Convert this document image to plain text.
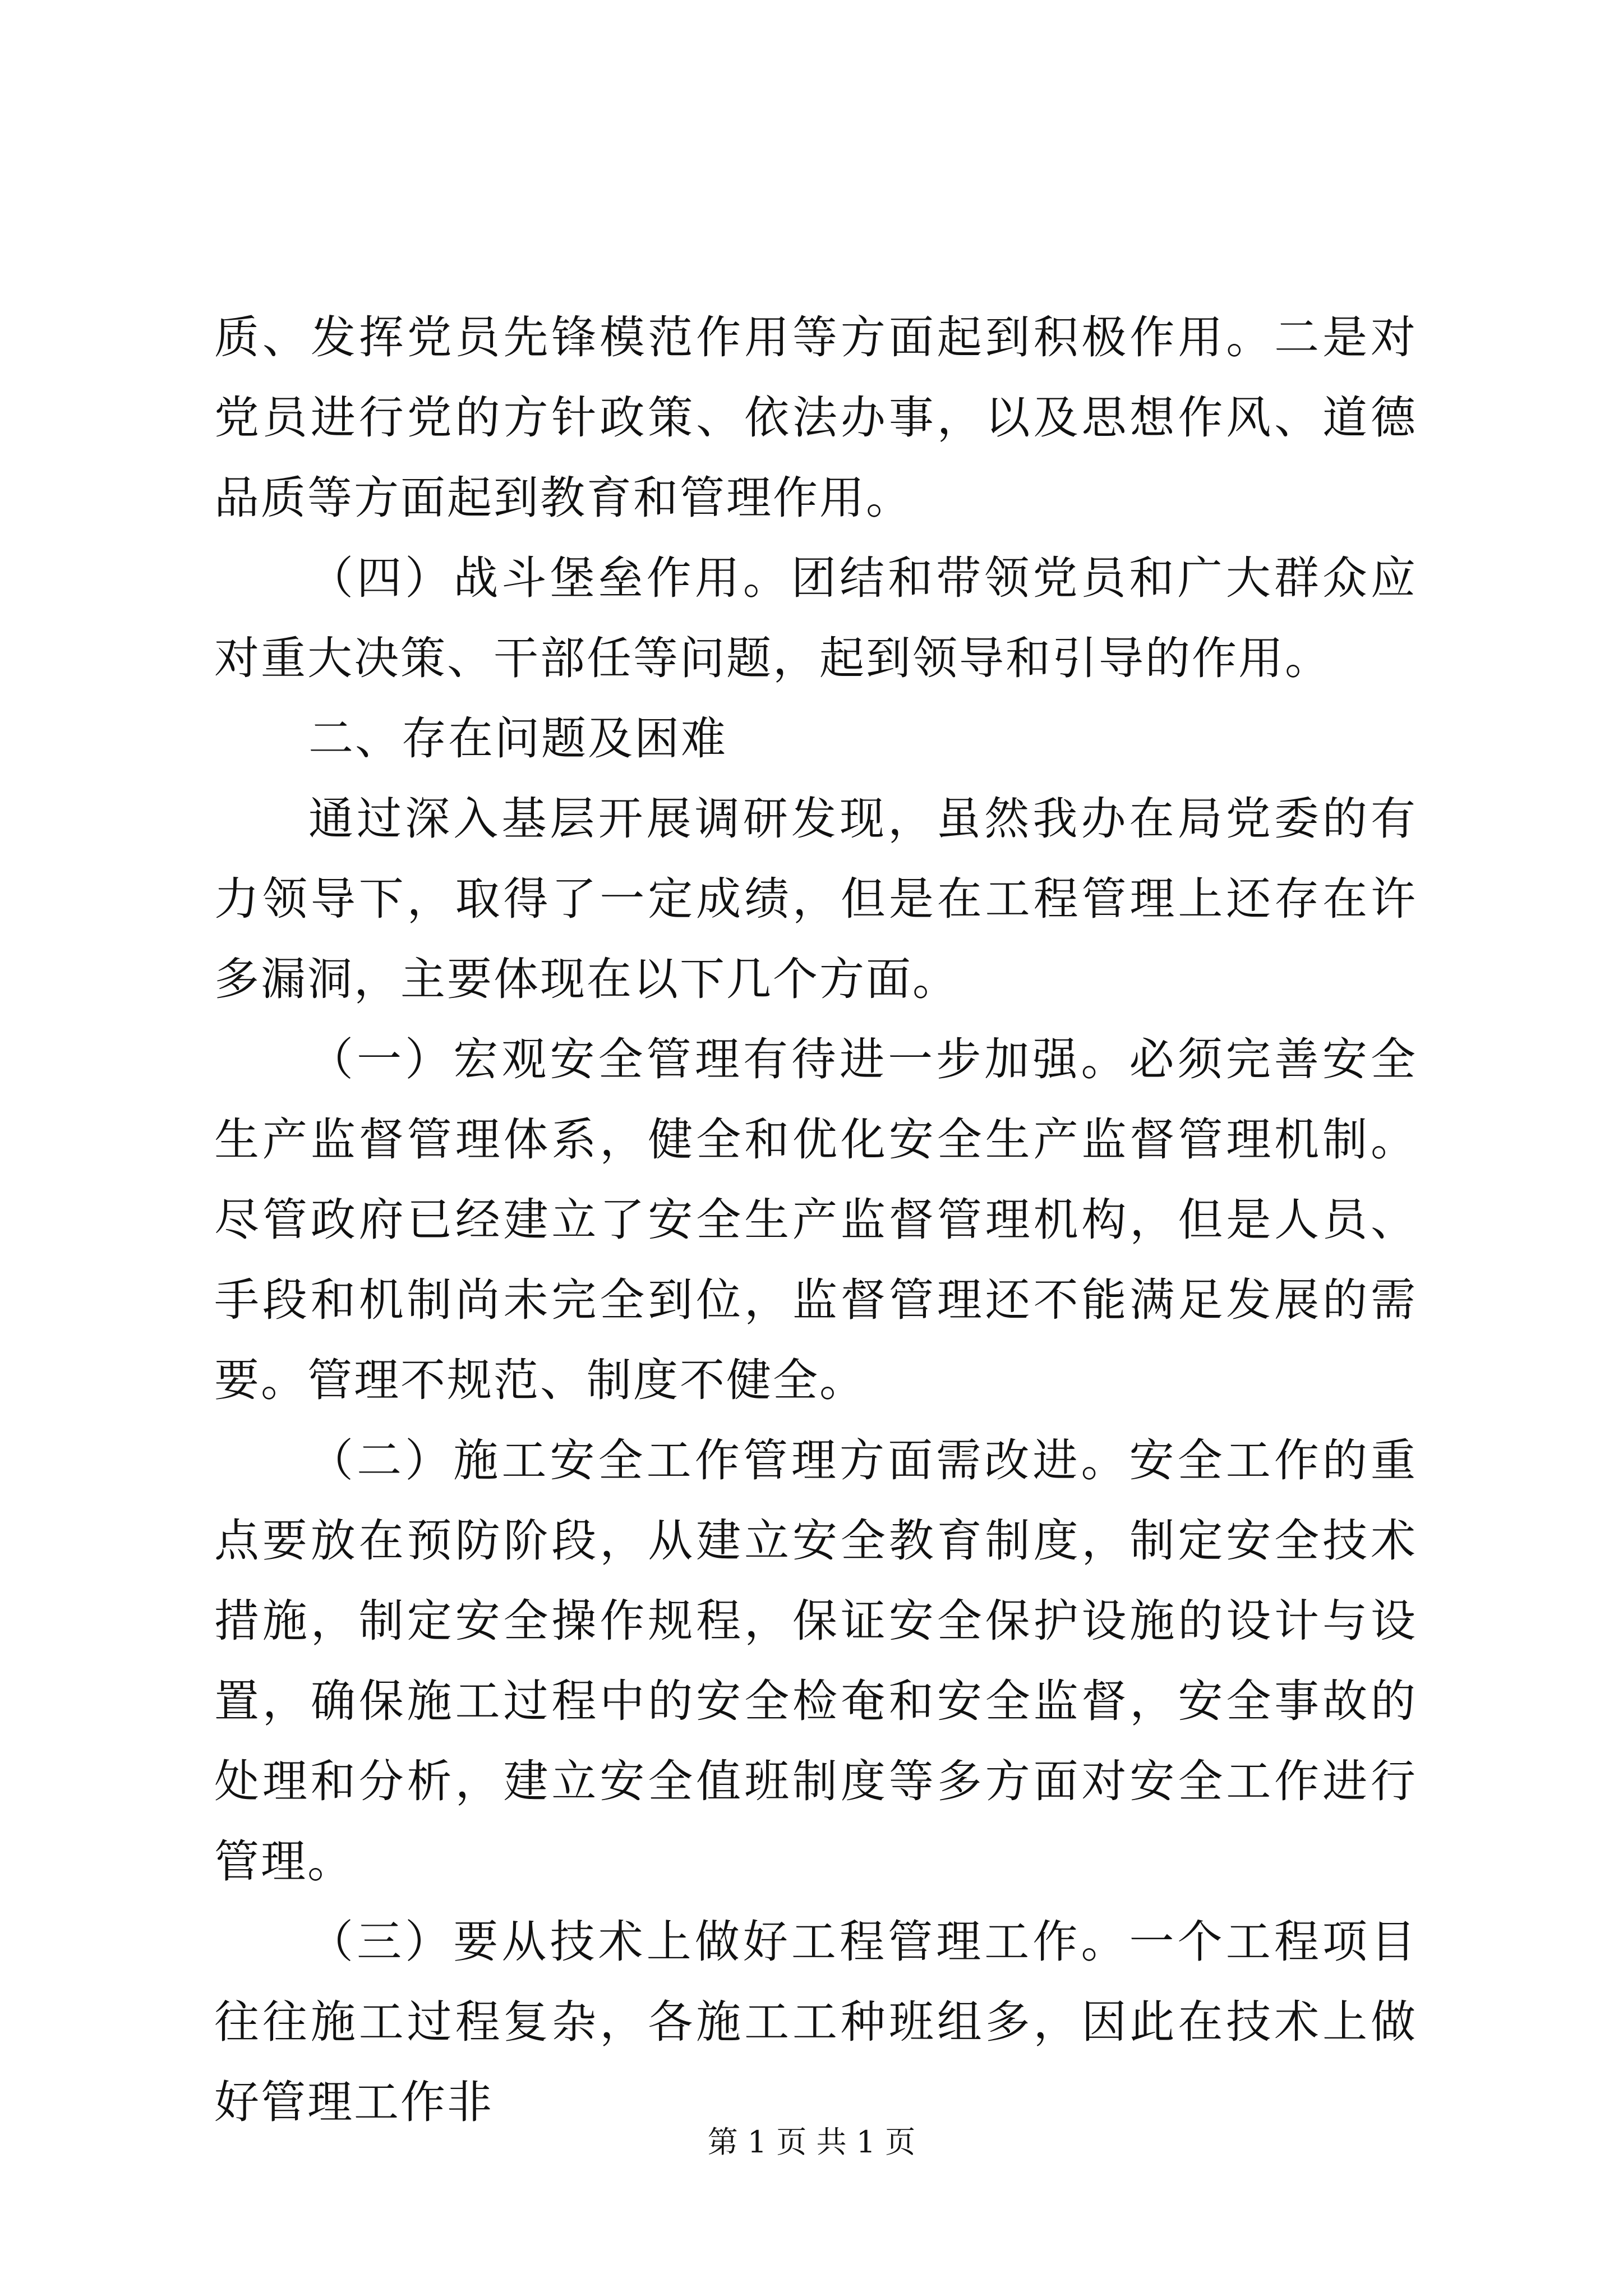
质、发挥党员先锋模范作用等方面起到积极作用。二是对党员进行党的方针政策、依法办事，以及思想作风、道德品质等方面起到教育和管理作用。

（四）战斗堡垒作用。团结和带领党员和广大群众应对重大决策、干部任等问题，起到领导和引导的作用。

二、存在问题及困难

通过深入基层开展调研发现，虽然我办在局党委的有力领导下，取得了一定成绩，但是在工程管理上还存在许多漏洞，主要体现在以下几个方面。

（一）宏观安全管理有待进一步加强。必须完善安全生产监督管理体系，健全和优化安全生产监督管理机制。尽管政府已经建立了安全生产监督管理机构，但是人员、手段和机制尚未完全到位，监督管理还不能满足发展的需要。管理不规范、制度不健全。

（二）施工安全工作管理方面需改进。安全工作的重点要放在预防阶段，从建立安全教育制度，制定安全技术措施，制定安全操作规程，保证安全保护设施的设计与设置，确保施工过程中的安全检奄和安全监督，安全事故的处理和分析，建立安全值班制度等多方面对安全工作进行管理。

（三）要从技术上做好工程管理工作。一个工程项目往往施工过程复杂，各施工工种班组多，因此在技术上做好管理工作非

第 1 页 共 1 页
